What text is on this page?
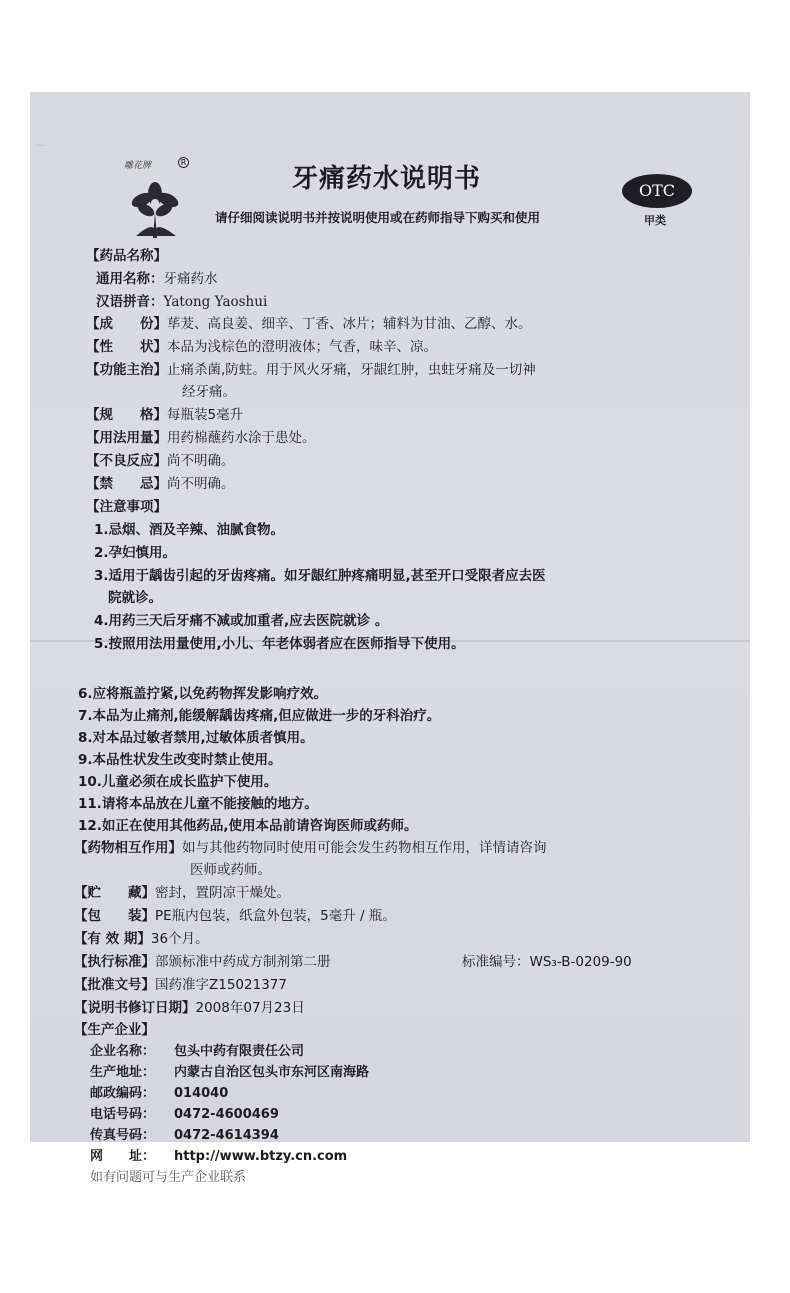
—　　　　　　　　　　　　　　　　　　　　　　　

雕花牌	R
牙痛药水说明书
请仔细阅读说明书并按说明使用或在药师指导下购买和使用
OTC
甲类
【药品名称】
通用名称：牙痛药水
汉语拼音：Yatong Yaoshui
【成　　份】荜茇、高良姜、细辛、丁香、冰片；辅料为甘油、乙醇、水。
【性　　状】本品为浅棕色的澄明液体；气香，味辛、凉。
【功能主治】止痛杀菌,防蛀。用于风火牙痛，牙龈红肿，虫蛀牙痛及一切神
经牙痛。
【规　　格】每瓶装5毫升
【用法用量】用药棉蘸药水涂于患处。
【不良反应】尚不明确。
【禁　　忌】尚不明确。
【注意事项】
1.忌烟、酒及辛辣、油腻食物。
2.孕妇慎用。
3.适用于龋齿引起的牙齿疼痛。如牙龈红肿疼痛明显,甚至开口受限者应去医
院就诊。
4.用药三天后牙痛不减或加重者,应去医院就诊 。
5.按照用法用量使用,小儿、年老体弱者应在医师指导下使用。
6.应将瓶盖拧紧,以免药物挥发影响疗效。
7.本品为止痛剂,能缓解龋齿疼痛,但应做进一步的牙科治疗。
8.对本品过敏者禁用,过敏体质者慎用。
9.本品性状发生改变时禁止使用。
10.儿童必须在成长监护下使用。
11.请将本品放在儿童不能接触的地方。
12.如正在使用其他药品,使用本品前请咨询医师或药师。
【药物相互作用】如与其他药物同时使用可能会发生药物相互作用，详情请咨询
医师或药师。
【贮　　藏】密封，置阴凉干燥处。
【包　　装】PE瓶内包装，纸盒外包装，5毫升 / 瓶。
【有 效 期】36个月。
【执行标准】部颁标准中药成方制剂第二册	标准编号：WS₃-B-0209-90
【批准文号】国药准字Z15021377
【说明书修订日期】2008年07月23日
【生产企业】
企业名称： 包头中药有限责任公司
生产地址： 内蒙古自治区包头市东河区南海路
邮政编码： 014040
电话号码： 0472-4600469
传真号码： 0472-4614394
网　　址： http://www.btzy.cn.com
如有问题可与生产企业联系
